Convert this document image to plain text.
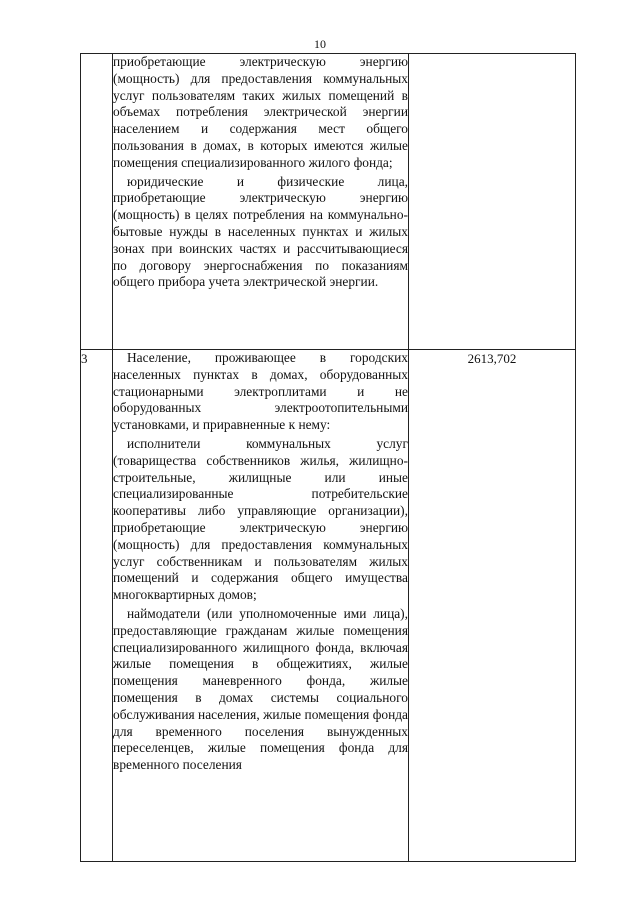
10

	приобретающие электрическую энергию (мощность) для предоставления коммунальных услуг пользователям таких жилых помещений в объемах потребления электрической энергии населением и содержания мест общего пользования в домах, в которых имеются жилые помещения специализированного жилого фонда;

юридические и физические лица, приобретающие электрическую энергию (мощность) в целях потребления на коммунально-бытовые нужды в населенных пунктах и жилых зонах при воинских частях и рассчитывающиеся по договору энергоснабжения по показаниям общего прибора учета электрической энергии.	

3	Население, проживающее в городских населенных пунктах в домах, оборудованных стационарными электроплитами и не оборудованных электроотопительными установками, и приравненные к нему:

исполнители коммунальных услуг (товарищества собственников жилья, жилищно-строительные, жилищные или иные специализированные потребительские кооперативы либо управляющие организации), приобретающие электрическую энергию (мощность) для предоставления коммунальных услуг собственникам и пользователям жилых помещений и содержания общего имущества многоквартирных домов;

наймодатели (или уполномоченные ими лица), предоставляющие гражданам жилые помещения специализированного жилищного фонда, включая жилые помещения в общежитиях, жилые помещения маневренного фонда, жилые помещения в домах системы социального обслуживания населения, жилые помещения фонда для временного поселения вынужденных переселенцев, жилые помещения фонда для временного поселения	2613,702
